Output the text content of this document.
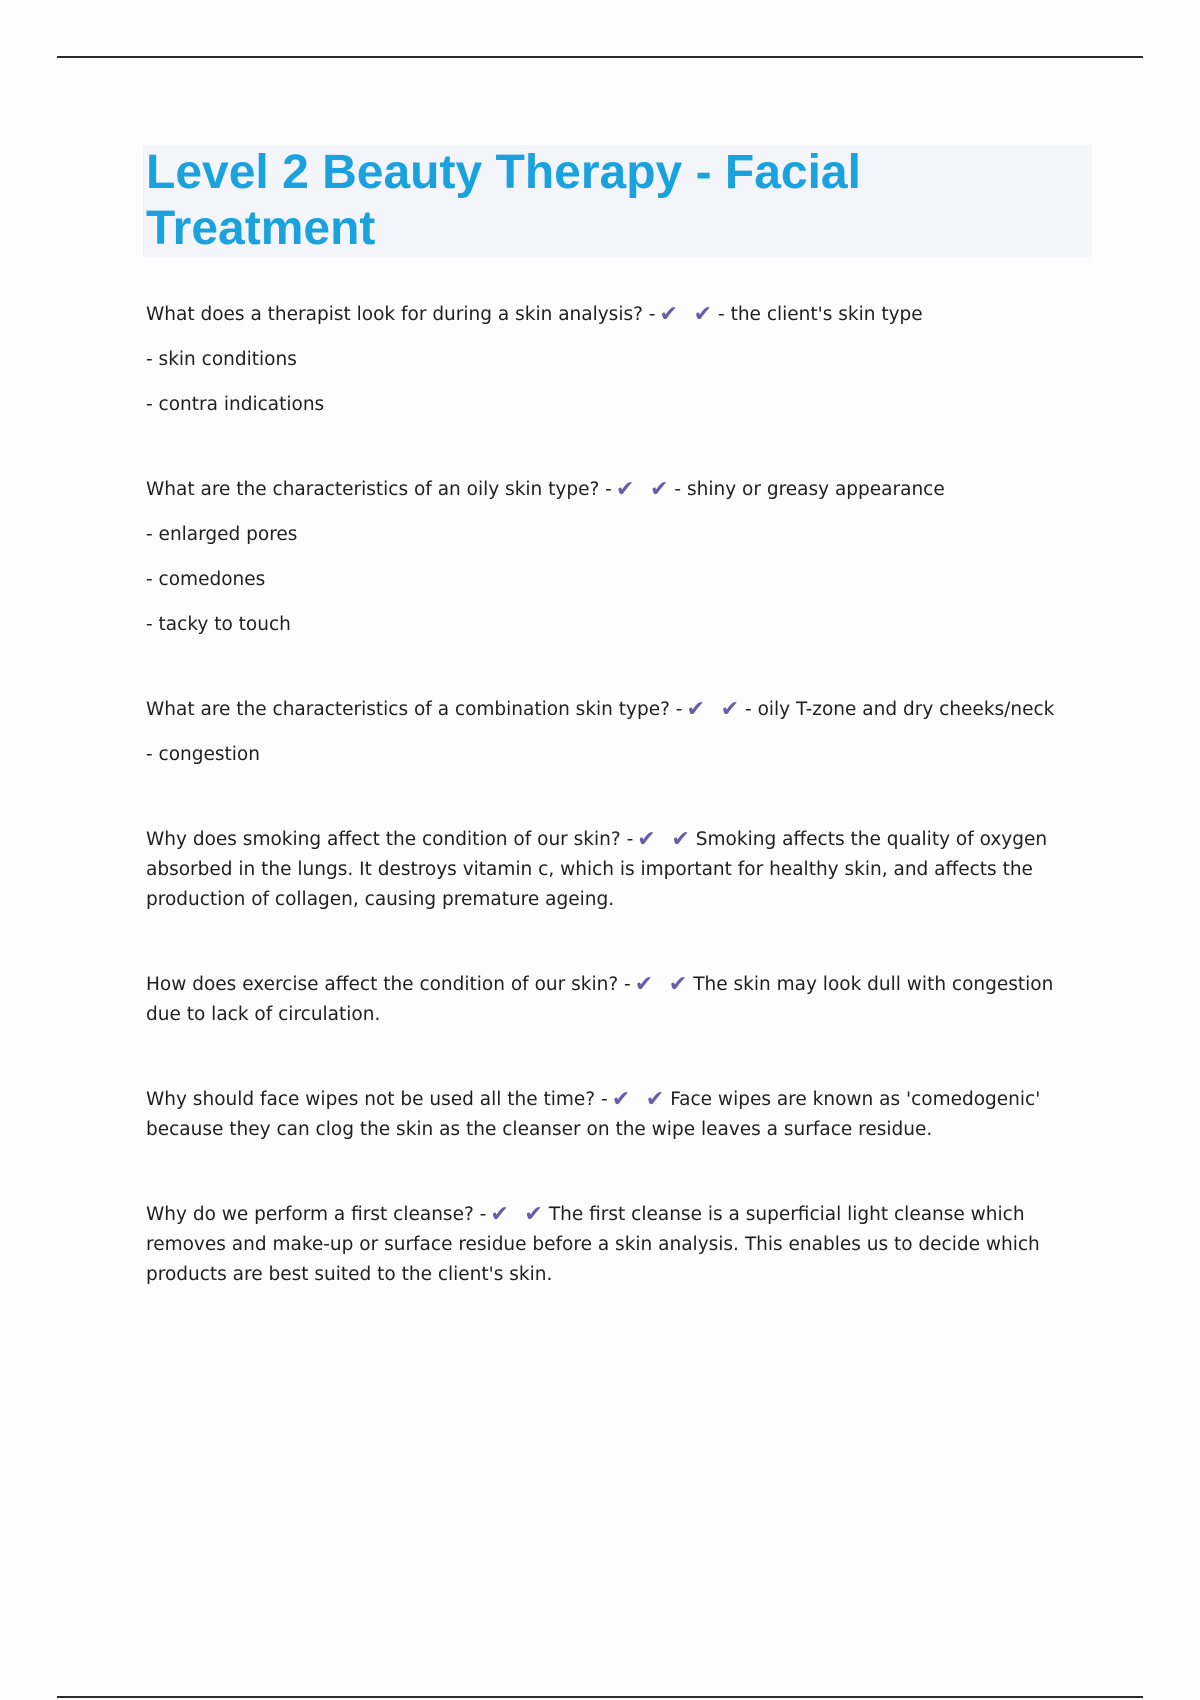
Level 2 Beauty Therapy - Facial Treatment

What does a therapist look for during a skin analysis? -✔ ✔- the client's skin type

- skin conditions

- contra indications

What are the characteristics of an oily skin type? -✔ ✔- shiny or greasy appearance

- enlarged pores

- comedones

- tacky to touch

What are the characteristics of a combination skin type? -✔ ✔- oily T-zone and dry cheeks/neck

- congestion

Why does smoking affect the condition of our skin? -✔ ✔Smoking affects the quality of oxygen absorbed in the lungs. It destroys vitamin c, which is important for healthy skin, and affects the production of collagen, causing premature ageing.

How does exercise affect the condition of our skin? -✔ ✔The skin may look dull with congestion due to lack of circulation.

Why should face wipes not be used all the time? -✔ ✔Face wipes are known as 'comedogenic' because they can clog the skin as the cleanser on the wipe leaves a surface residue.

Why do we perform a first cleanse? -✔ ✔The first cleanse is a superficial light cleanse which removes and make-up or surface residue before a skin analysis. This enables us to decide which products are best suited to the client's skin.
